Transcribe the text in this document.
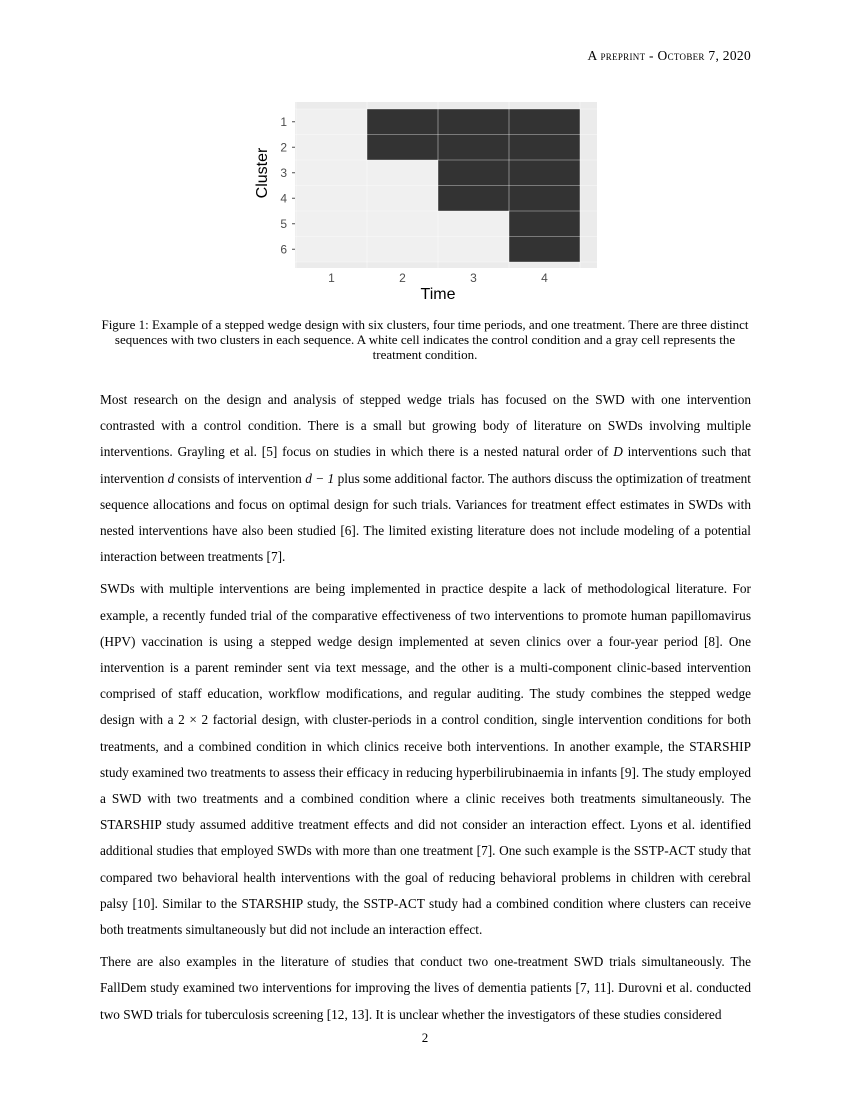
A preprint - October 7, 2020
1
2
3
4
5
6
1	2	3	4
Time
Cluster
Figure 1: Example of a stepped wedge design with six clusters, four time periods, and one treatment. There are three distinct sequences with two clusters in each sequence. A white cell indicates the control condition and a gray cell represents the treatment condition.

Most research on the design and analysis of stepped wedge trials has focused on the SWD with one intervention contrasted with a control condition. There is a small but growing body of literature on SWDs involving multiple interventions. Grayling et al. [5] focus on studies in which there is a nested natural order of D interventions such that intervention d consists of intervention d − 1 plus some additional factor. The authors discuss the optimization of treatment sequence allocations and focus on optimal design for such trials. Variances for treatment effect estimates in SWDs with nested interventions have also been studied [6]. The limited existing literature does not include modeling of a potential interaction between treatments [7].

SWDs with multiple interventions are being implemented in practice despite a lack of methodological literature. For example, a recently funded trial of the comparative effectiveness of two interventions to promote human papillomavirus (HPV) vaccination is using a stepped wedge design implemented at seven clinics over a four-year period [8]. One intervention is a parent reminder sent via text message, and the other is a multi-component clinic-based intervention comprised of staff education, workflow modifications, and regular auditing. The study combines the stepped wedge design with a 2 × 2 factorial design, with cluster-periods in a control condition, single intervention conditions for both treatments, and a combined condition in which clinics receive both interventions. In another example, the STARSHIP study examined two treatments to assess their efficacy in reducing hyperbilirubinaemia in infants [9]. The study employed a SWD with two treatments and a combined condition where a clinic receives both treatments simultaneously. The STARSHIP study assumed additive treatment effects and did not consider an interaction effect. Lyons et al. identified additional studies that employed SWDs with more than one treatment [7]. One such example is the SSTP-ACT study that compared two behavioral health interventions with the goal of reducing behavioral problems in children with cerebral palsy [10]. Similar to the STARSHIP study, the SSTP-ACT study had a combined condition where clusters can receive both treatments simultaneously but did not include an interaction effect.

There are also examples in the literature of studies that conduct two one-treatment SWD trials simultaneously. The FallDem study examined two interventions for improving the lives of dementia patients [7, 11]. Durovni et al. conducted two SWD trials for tuberculosis screening [12, 13]. It is unclear whether the investigators of these studies considered

2
